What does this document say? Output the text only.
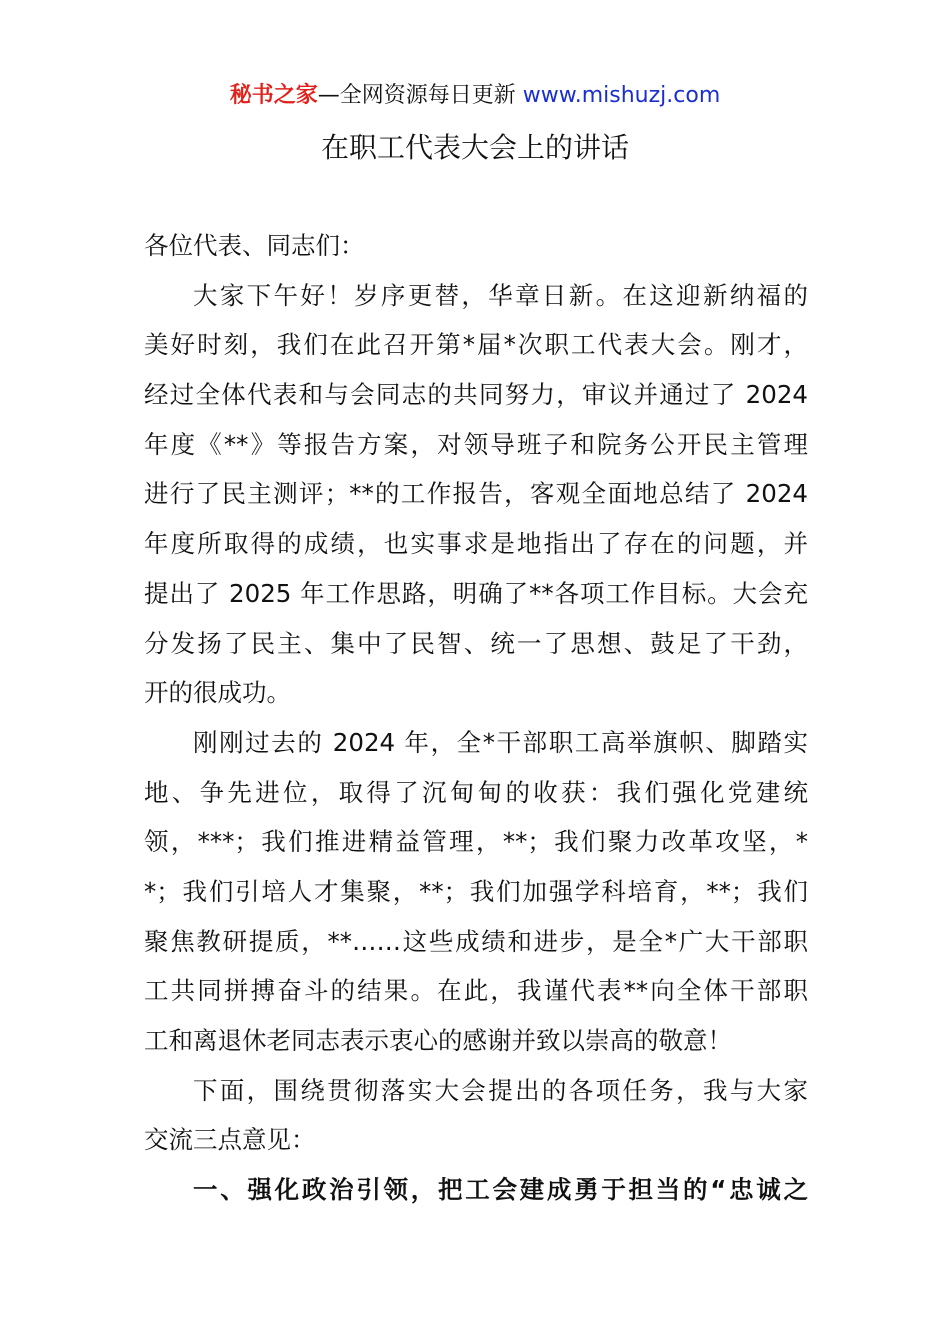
秘书之家—全网资源每日更新 www.mishuzj.com
在职工代表大会上的讲话
各位代表、同志们：
大家下午好！岁序更替，华章日新。在这迎新纳福的
美好时刻，我们在此召开第*届*次职工代表大会。刚才，
经过全体代表和与会同志的共同努力，审议并通过了 2024
年度《**》等报告方案，对领导班子和院务公开民主管理
进行了民主测评；**的工作报告，客观全面地总结了 2024
年度所取得的成绩，也实事求是地指出了存在的问题，并
提出了 2025 年工作思路，明确了**各项工作目标。大会充
分发扬了民主、集中了民智、统一了思想、鼓足了干劲，
开的很成功。
刚刚过去的 2024 年，全*干部职工高举旗帜、脚踏实
地、争先进位，取得了沉甸甸的收获：我们强化党建统
领，***；我们推进精益管理，**；我们聚力改革攻坚，*
*；我们引培人才集聚，**；我们加强学科培育，**；我们
聚焦教研提质，**……这些成绩和进步，是全*广大干部职
工共同拼搏奋斗的结果。在此，我谨代表**向全体干部职
工和离退休老同志表示衷心的感谢并致以崇高的敬意！
下面，围绕贯彻落实大会提出的各项任务，我与大家
交流三点意见：
一、强化政治引领，把工会建成勇于担当的“忠诚之
